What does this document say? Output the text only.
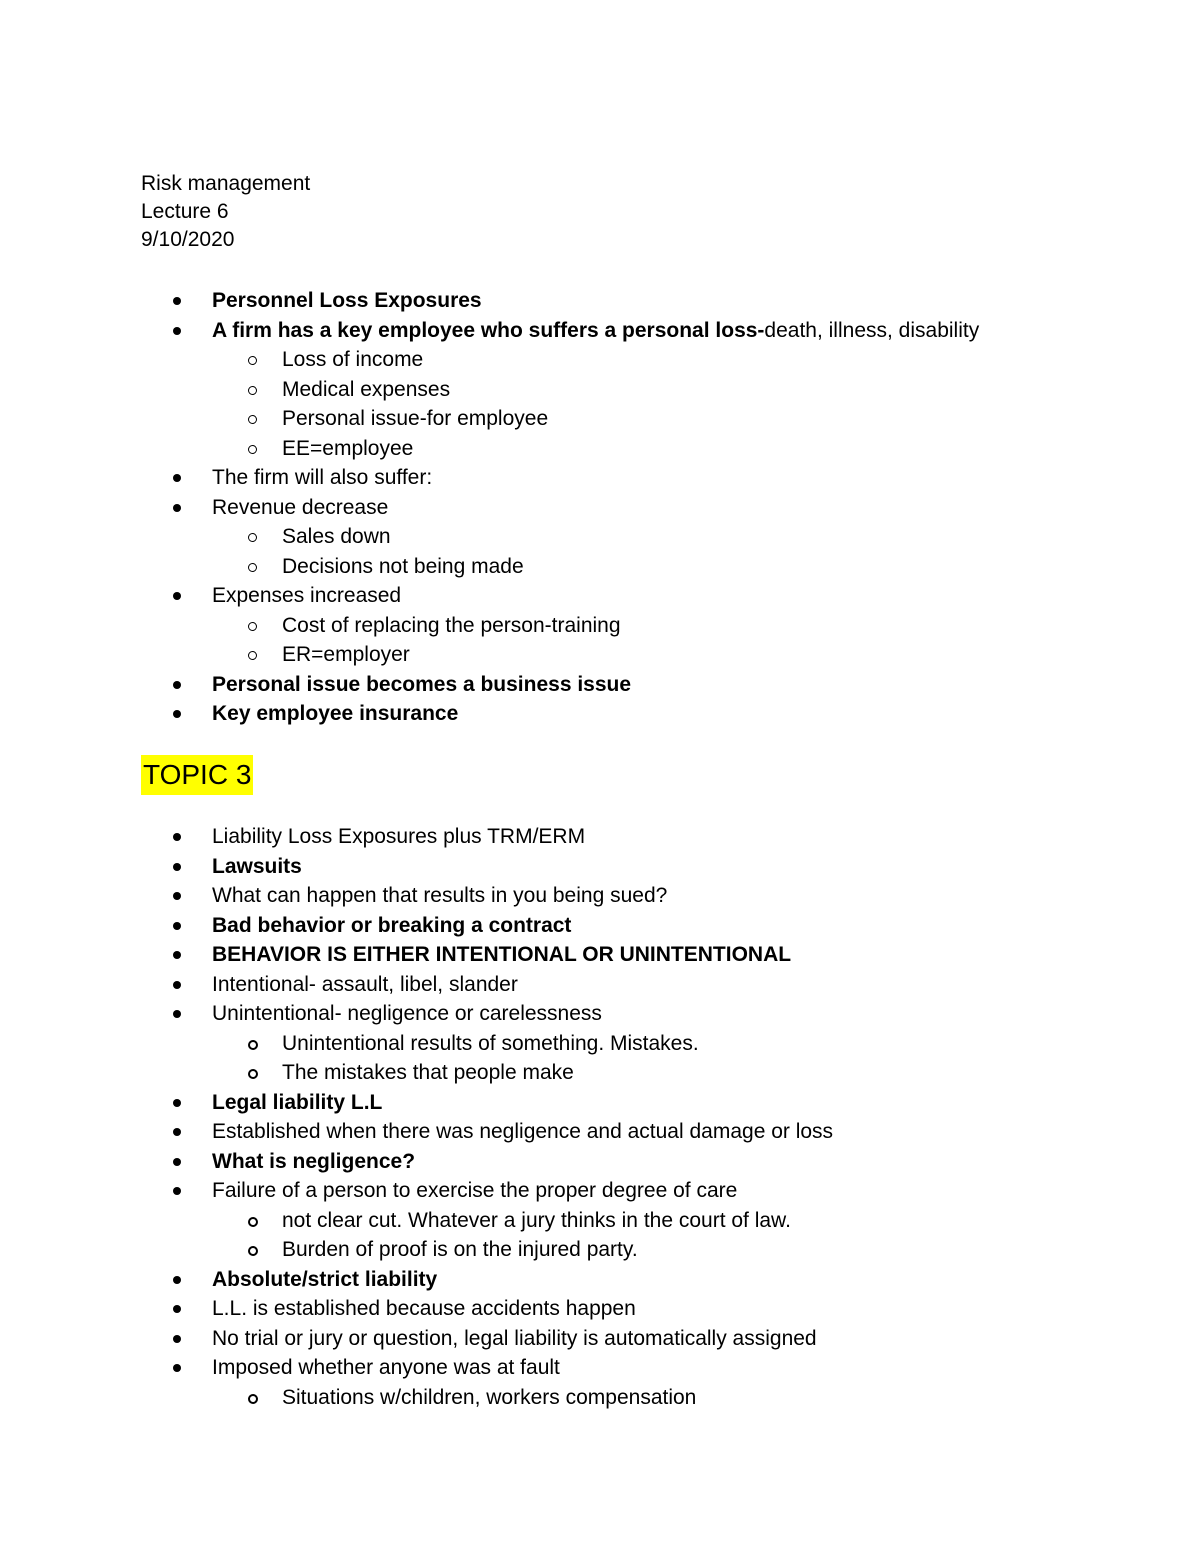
Risk management
Lecture 6
9/10/2020
Personnel Loss Exposures
A firm has a key employee who suffers a personal loss-death, illness, disability
Loss of income
Medical expenses
Personal issue-for employee
EE=employee
The firm will also suffer:
Revenue decrease
Sales down
Decisions not being made
Expenses increased
Cost of replacing the person-training
ER=employer
Personal issue becomes a business issue
Key employee insurance
TOPIC 3
Liability Loss Exposures plus TRM/ERM
Lawsuits
What can happen that results in you being sued?
Bad behavior or breaking a contract
BEHAVIOR IS EITHER INTENTIONAL OR UNINTENTIONAL
Intentional- assault, libel, slander
Unintentional- negligence or carelessness
Unintentional results of something. Mistakes.
The mistakes that people make
Legal liability L.L
Established when there was negligence and actual damage or loss
What is negligence?
Failure of a person to exercise the proper degree of care
not clear cut. Whatever a jury thinks in the court of law.
Burden of proof is on the injured party.
Absolute/strict liability
L.L. is established because accidents happen
No trial or jury or question, legal liability is automatically assigned
Imposed whether anyone was at fault
Situations w/children, workers compensation
